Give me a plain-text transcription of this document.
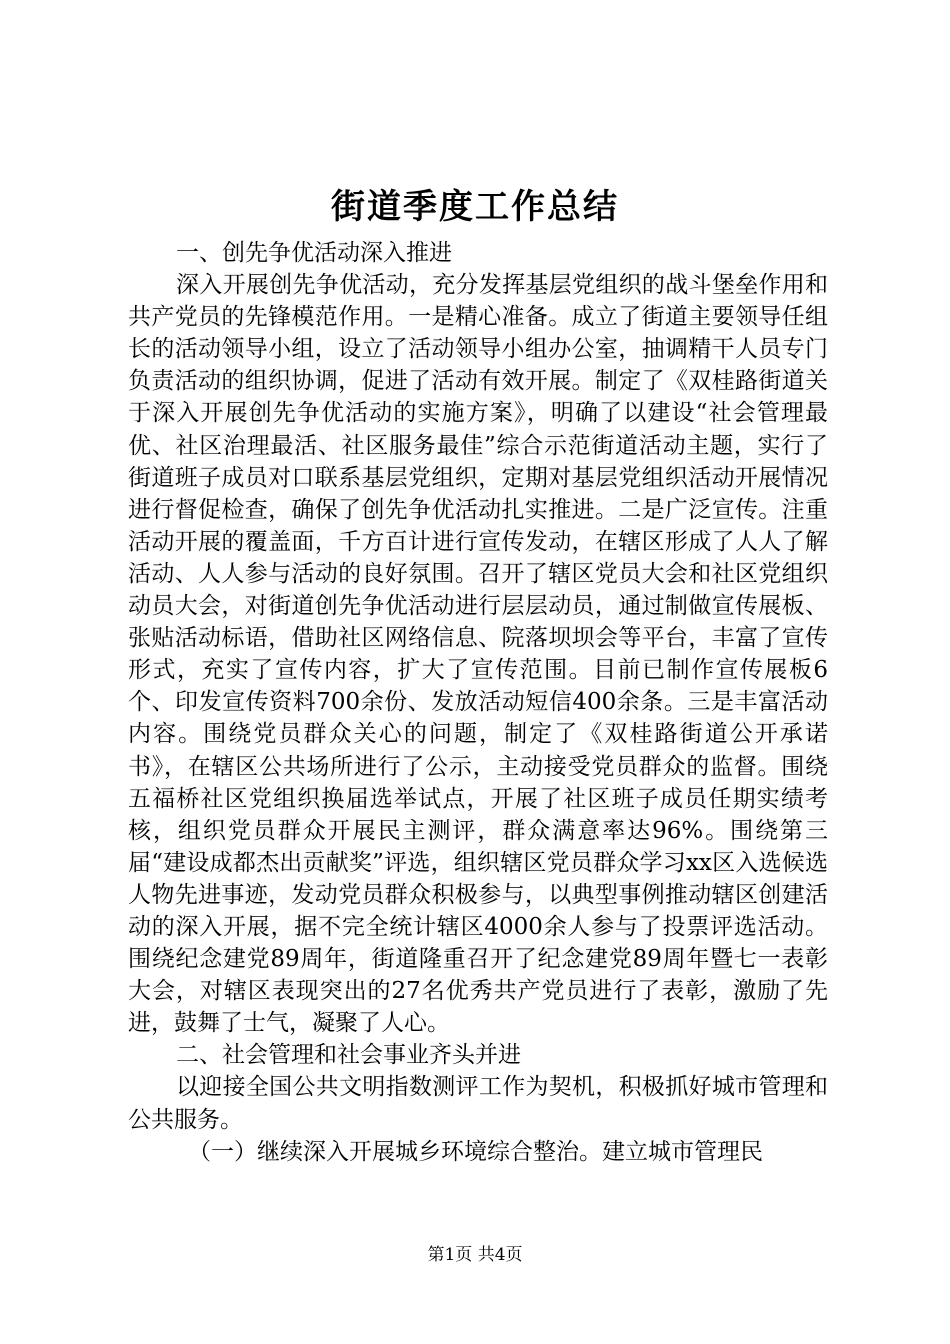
街道季度工作总结

一、创先争优活动深入推进

深入开展创先争优活动，充分发挥基层党组织的战斗堡垒作用和共产党员的先锋模范作用。一是精心准备。成立了街道主要领导任组长的活动领导小组，设立了活动领导小组办公室，抽调精干人员专门负责活动的组织协调，促进了活动有效开展。制定了《双桂路街道关于深入开展创先争优活动的实施方案》，明确了以建设“社会管理最优、社区治理最活、社区服务最佳”综合示范街道活动主题，实行了街道班子成员对口联系基层党组织，定期对基层党组织活动开展情况进行督促检查，确保了创先争优活动扎实推进。二是广泛宣传。注重活动开展的覆盖面，千方百计进行宣传发动，在辖区形成了人人了解活动、人人参与活动的良好氛围。召开了辖区党员大会和社区党组织动员大会，对街道创先争优活动进行层层动员，通过制做宣传展板、张贴活动标语，借助社区网络信息、院落坝坝会等平台，丰富了宣传形式，充实了宣传内容，扩大了宣传范围。目前已制作宣传展板6个、印发宣传资料700余份、发放活动短信400余条。三是丰富活动内容。围绕党员群众关心的问题，制定了《双桂路街道公开承诺书》，在辖区公共场所进行了公示，主动接受党员群众的监督。围绕五福桥社区党组织换届选举试点，开展了社区班子成员任期实绩考核，组织党员群众开展民主测评，群众满意率达96%。围绕第三届“建设成都杰出贡献奖”评选，组织辖区党员群众学习xx区入选候选人物先进事迹，发动党员群众积极参与，以典型事例推动辖区创建活动的深入开展，据不完全统计辖区4000余人参与了投票评选活动。围绕纪念建党89周年，街道隆重召开了纪念建党89周年暨七一表彰大会，对辖区表现突出的27名优秀共产党员进行了表彰，激励了先进，鼓舞了士气，凝聚了人心。

二、社会管理和社会事业齐头并进

以迎接全国公共文明指数测评工作为契机，积极抓好城市管理和公共服务。

（一）继续深入开展城乡环境综合整治。建立城市管理民

第1页 共4页
